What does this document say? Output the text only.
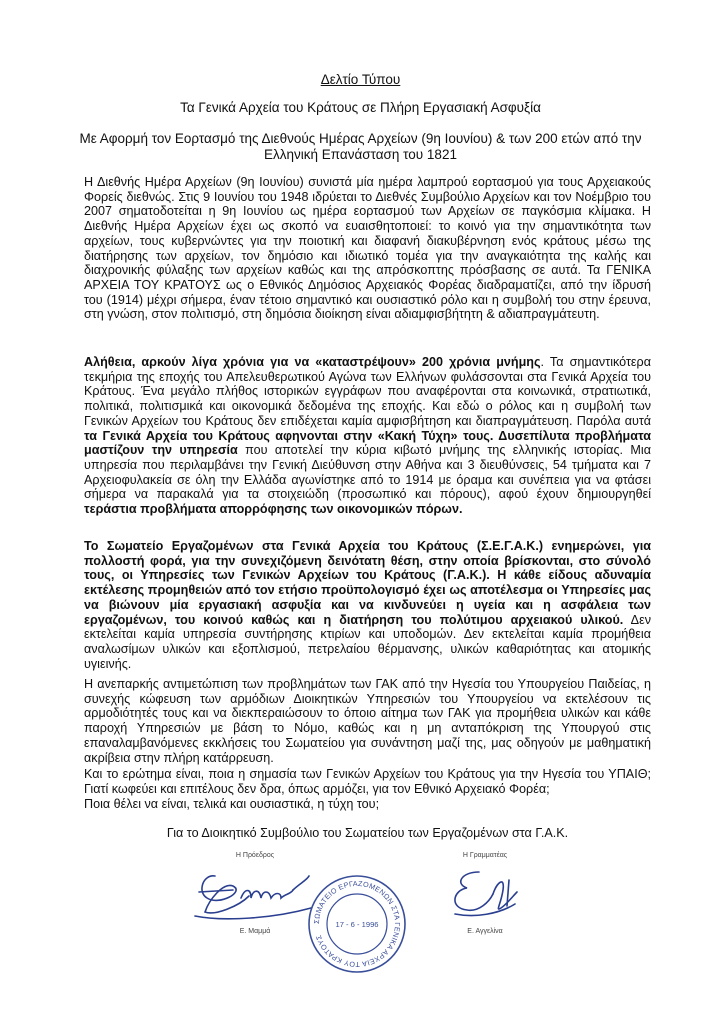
Δελτίο Τύπου
Τα Γενικά Αρχεία του Κράτους σε Πλήρη Εργασιακή Ασφυξία
Με Αφορμή τον Εορτασμό της Διεθνούς Ημέρας Αρχείων (9η Ιουνίου) & των 200 ετών από την Ελληνική Επανάσταση του 1821

Η Διεθνής Ημέρα Αρχείων (9η Ιουνίου) συνιστά μία ημέρα λαμπρού εορτασμού για τους Αρχειακούς Φορείς διεθνώς. Στις 9 Ιουνίου του 1948 ιδρύεται το Διεθνές Συμβούλιο Αρχείων και τον Νοέμβριο του 2007 σηματοδοτείται η 9η Ιουνίου ως ημέρα εορτασμού των Αρχείων σε παγκόσμια κλίμακα. Η Διεθνής Ημέρα Αρχείων έχει ως σκοπό να ευαισθητοποιεί: το κοινό για την σημαντικότητα των αρχείων, τους κυβερνώντες για την ποιοτική και διαφανή διακυβέρνηση ενός κράτους μέσω της διατήρησης των αρχείων, τον δημόσιο και ιδιωτικό τομέα για την αναγκαιότητα της καλής και διαχρονικής φύλαξης των αρχείων καθώς και της απρόσκοπτης πρόσβασης σε αυτά. Τα ΓΕΝΙΚΑ ΑΡΧΕΙΑ ΤΟΥ ΚΡΑΤΟΥΣ ως ο Εθνικός Δημόσιος Αρχειακός Φορέας διαδραματίζει, από την ίδρυσή του (1914) μέχρι σήμερα, έναν τέτοιο σημαντικό και ουσιαστικό ρόλο και η συμβολή του στην έρευνα, στη γνώση, στον πολιτισμό, στη δημόσια διοίκηση είναι αδιαμφισβήτητη & αδιαπραγμάτευτη.

Αλήθεια, αρκούν λίγα χρόνια για να «καταστρέψουν» 200 χρόνια μνήμης. Τα σημαντικότερα τεκμήρια της εποχής του Απελευθερωτικού Αγώνα των Ελλήνων φυλάσσονται στα Γενικά Αρχεία του Κράτους. Ένα μεγάλο πλήθος ιστορικών εγγράφων που αναφέρονται στα κοινωνικά, στρατιωτικά, πολιτικά, πολιτισμικά και οικονομικά δεδομένα της εποχής. Και εδώ ο ρόλος και η συμβολή των Γενικών Αρχείων του Κράτους δεν επιδέχεται καμία αμφισβήτηση και διαπραγμάτευση. Παρόλα αυτά τα Γενικά Αρχεία του Κράτους αφηνονται στην «Κακή Τύχη» τους. Δυσεπίλυτα προβλήματα μαστίζουν την υπηρεσία που αποτελεί την κύρια κιβωτό μνήμης της ελληνικής ιστορίας. Μια υπηρεσία που περιλαμβάνει την Γενική Διεύθυνση στην Αθήνα και 3 διευθύνσεις, 54 τμήματα και 7 Αρχειοφυλακεία σε όλη την Ελλάδα αγωνίστηκε από το 1914 με όραμα και συνέπεια για να φτάσει σήμερα να παρακαλά για τα στοιχειώδη (προσωπικό και πόρους), αφού έχουν δημιουργηθεί τεράστια προβλήματα απορρόφησης των οικονομικών πόρων.

Το Σωματείο Εργαζομένων στα Γενικά Αρχεία του Κράτους (Σ.Ε.Γ.Α.Κ.) ενημερώνει, για πολλοστή φορά, για την συνεχιζόμενη δεινότατη θέση, στην οποία βρίσκονται, στο σύνολό τους, οι Υπηρεσίες των Γενικών Αρχείων του Κράτους (Γ.Α.Κ.). Η κάθε είδους αδυναμία εκτέλεσης προμηθειών από τον ετήσιο προϋπολογισμό έχει ως αποτέλεσμα οι Υπηρεσίες μας να βιώνουν μία εργασιακή ασφυξία και να κινδυνεύει η υγεία και η ασφάλεια των εργαζομένων, του κοινού καθώς και η διατήρηση του πολύτιμου αρχειακού υλικού. Δεν εκτελείται καμία υπηρεσία συντήρησης κτιρίων και υποδομών. Δεν εκτελείται καμία προμήθεια αναλωσίμων υλικών και εξοπλισμού, πετρελαίου θέρμανσης, υλικών καθαριότητας και ατομικής υγιεινής.

Η ανεπαρκής αντιμετώπιση των προβλημάτων των ΓΑΚ από την Ηγεσία του Υπουργείου Παιδείας, η συνεχής κώφευση των αρμόδιων Διοικητικών Υπηρεσιών του Υπουργείου να εκτελέσουν τις αρμοδιότητές τους και να διεκπεραιώσουν το όποιο αίτημα των ΓΑΚ για προμήθεια υλικών και κάθε παροχή Υπηρεσιών με βάση το Νόμο, καθώς και η μη ανταπόκριση της Υπουργού στις επαναλαμβανόμενες εκκλήσεις του Σωματείου για συνάντηση μαζί της, μας οδηγούν με μαθηματική ακρίβεια στην πλήρη κατάρρευση.

Και το ερώτημα είναι, ποια η σημασία των Γενικών Αρχείων του Κράτους για την Ηγεσία του ΥΠΑΙΘ; Γιατί κωφεύει και επιτέλους δεν δρα, όπως αρμόζει, για τον Εθνικό Αρχειακό Φορέα;

Ποια θέλει να είναι, τελικά και ουσιαστικά, η τύχη του;

Για το Διοικητικό Συμβούλιο του Σωματείου των Εργαζομένων στα Γ.Α.Κ.
Η Πρόεδρος
Ε. Μαμμά
ΣΩΜΑΤΕΙΟ ΕΡΓΑΖΟΜΕΝΩΝ ΣΤΑ ΓΕΝΙΚΑ ΑΡΧΕΙΑ ΤΟΥ ΚΡΑΤΟΥΣ
17 - 6 - 1996
Η Γραμματέας
Ε. Αγγελίνα
